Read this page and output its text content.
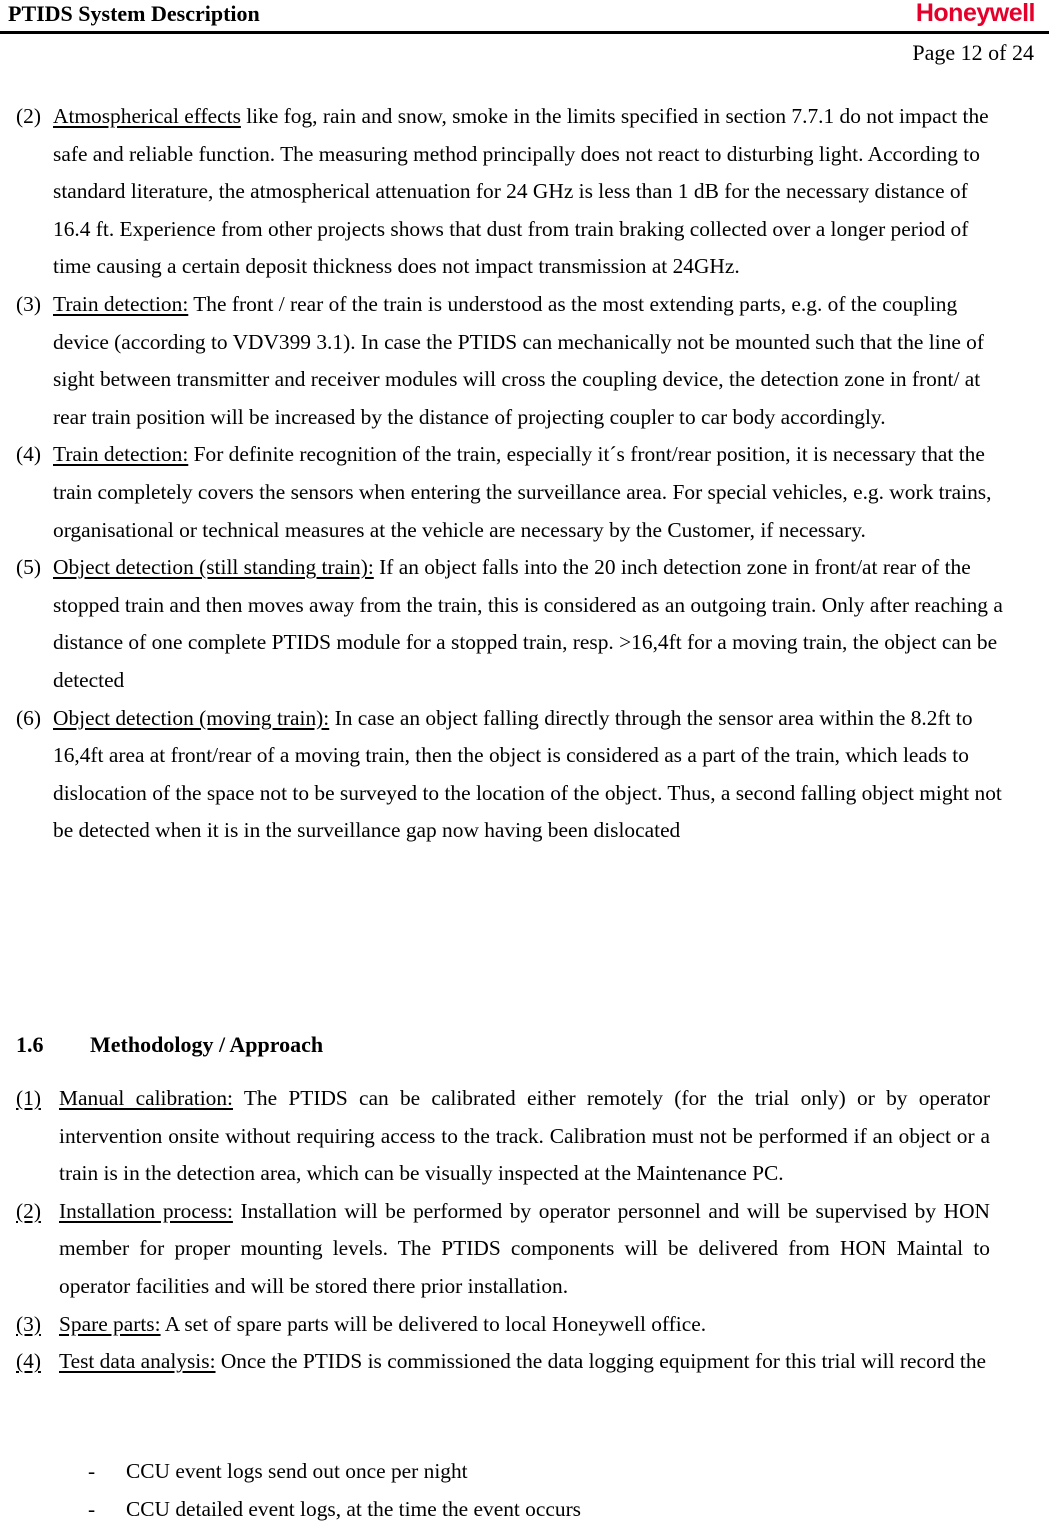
PTIDS System Description	Honeywell
Page 12 of 24
(2) Atmospherical effects like fog, rain and snow, smoke in the limits specified in section 7.7.1 do not impact the safe and reliable function. The measuring method principally does not react to disturbing light. According to standard literature, the atmospherical attenuation for 24 GHz is less than 1 dB for the necessary distance of 16.4 ft. Experience from other projects shows that dust from train braking collected over a longer period of time causing a certain deposit thickness does not impact transmission at 24GHz.
(3) Train detection: The front / rear of the train is understood as the most extending parts, e.g. of the coupling device (according to VDV399 3.1). In case the PTIDS can mechanically not be mounted such that the line of sight between transmitter and receiver modules will cross the coupling device, the detection zone in front/ at rear train position will be increased by the distance of projecting coupler to car body accordingly.
(4) Train detection: For definite recognition of the train, especially it´s front/rear position, it is necessary that the train completely covers the sensors when entering the surveillance area. For special vehicles, e.g. work trains, organisational or technical measures at the vehicle are necessary by the Customer, if necessary.
(5) Object detection (still standing train): If an object falls into the 20 inch detection zone in front/at rear of the stopped train and then moves away from the train, this is considered as an outgoing train. Only after reaching a distance of one complete PTIDS module for a stopped train, resp. >16,4ft for a moving train, the object can be detected
(6) Object detection (moving train): In case an object falling directly through the sensor area within the 8.2ft to 16,4ft area at front/rear of a moving train, then the object is considered as a part of the train, which leads to dislocation of the space not to be surveyed to the location of the object. Thus, a second falling object might not be detected when it is in the surveillance gap now having been dislocated
1.6 Methodology / Approach
(1) Manual calibration: The PTIDS can be calibrated either remotely (for the trial only) or by operator intervention onsite without requiring access to the track. Calibration must not be performed if an object or a train is in the detection area, which can be visually inspected at the Maintenance PC.
(2) Installation process: Installation will be performed by operator personnel and will be supervised by HON member for proper mounting levels. The PTIDS components will be delivered from HON Maintal to operator facilities and will be stored there prior installation.
(3) Spare parts: A set of spare parts will be delivered to local Honeywell office.
(4) Test data analysis: Once the PTIDS is commissioned the data logging equipment for this trial will record the
- CCU event logs send out once per night
- CCU detailed event logs, at the time the event occurs
